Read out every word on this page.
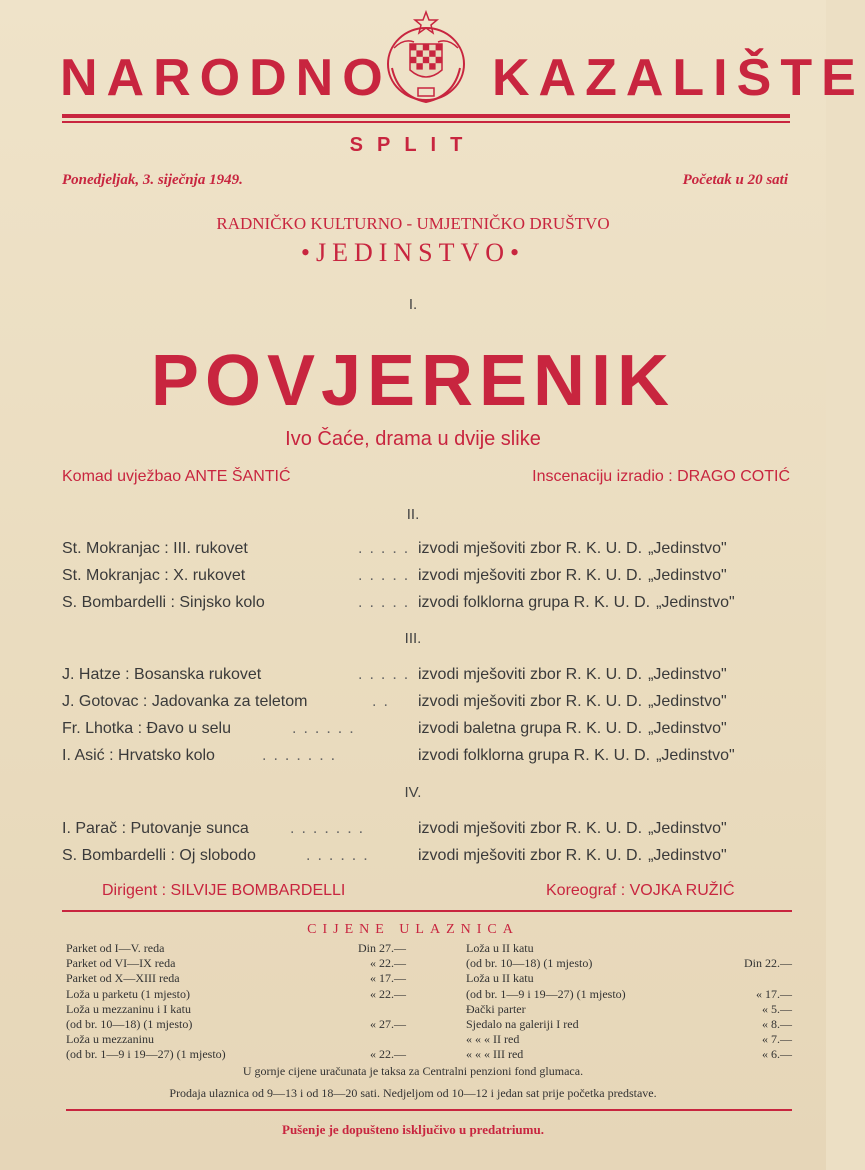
NARODNO KAZALIŠTE
SPLIT
Ponedjeljak, 3. siječnja 1949.	Početak u 20 sati
RADNIČKO KULTURNO - UMJETNIČKO DRUŠTVO
•JEDINSTVO•
I.
POVJERENIK
Ivo Čaće, drama u dvije slike
Komad uvježbao ANTE ŠANTIĆ	Inscenaciju izradio : DRAGO COTIĆ
II.
St. Mokranjac : III. rukovet	..... izvodi mješoviti zbor R. K. U. D. „Jedinstvo"
St. Mokranjac : X. rukovet	..... izvodi mješoviti zbor R. K. U. D. „Jedinstvo"
S. Bombardelli : Sinjsko kolo	..... izvodi folklorna grupa R. K. U. D. „Jedinstvo"
III.
J. Hatze : Bosanska rukovet	..... izvodi mješoviti zbor R. K. U. D. „Jedinstvo"
J. Gotovac : Jadovanka za teletom	.. izvodi mješoviti zbor R. K. U. D. „Jedinstvo"
Fr. Lhotka : Đavo u selu	......	izvodi baletna grupa R. K. U. D. „Jedinstvo"
I. Asić : Hrvatsko kolo	.......	izvodi folklorna grupa R. K. U. D. „Jedinstvo"
IV.
I. Parač : Putovanje sunca	.......	izvodi mješoviti zbor R. K. U. D. „Jedinstvo"
S. Bombardelli : Oj slobodo	......	izvodi mješoviti zbor R. K. U. D. „Jedinstvo"
Dirigent : SILVIJE BOMBARDELLI	Koreograf : VOJKA RUŽIĆ
CIJENE ULAZNICA
Parket od I—V. reda	Din 27.—
Parket od VI—IX reda	« 22.—
Parket od X—XIII reda	« 17.—
Loža u parketu (1 mjesto)	« 22.—
Loža u mezzaninu i I katu
(od br. 10—18) (1 mjesto)	« 27.—
Loža u mezzaninu
(od br. 1—9 i 19—27) (1 mjesto)	« 22.—
Loža u II katu
(od br. 10—18) (1 mjesto)	Din 22.—
Loža u II katu
(od br. 1—9 i 19—27) (1 mjesto)	« 17.—
Đački parter	« 5.—
Sjedalo na galeriji I red	« 8.—
« « « II red	« 7.—
« « « III red	« 6.—
U gornje cijene uračunata je taksa za Centralni penzioni fond glumaca.
Prodaja ulaznica od 9—13 i od 18—20 sati. Nedjeljom od 10—12 i jedan sat prije početka predstave.
Pušenje je dopušteno isključivo u predatriumu.
